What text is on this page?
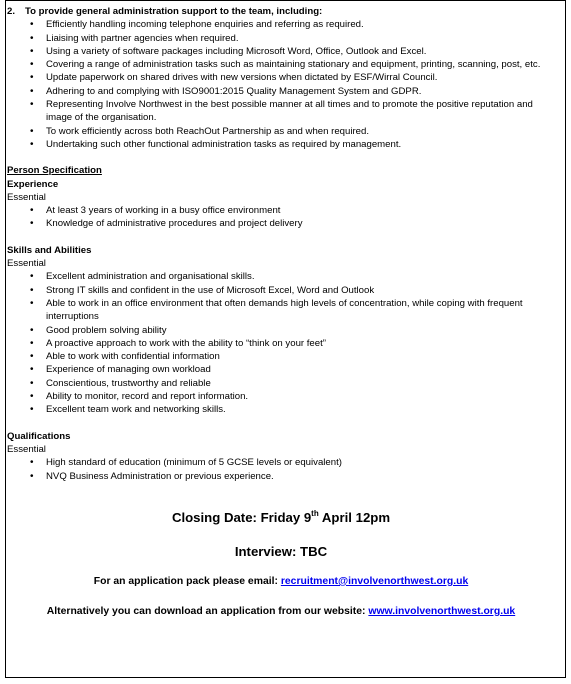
2.	To provide general administration support to the team, including:
• Efficiently handling incoming telephone enquiries and referring as required.
• Liaising with partner agencies when required.
• Using a variety of software packages including Microsoft Word, Office, Outlook and Excel.
• Covering a range of administration tasks such as maintaining stationary and equipment, printing, scanning, post, etc.
• Update paperwork on shared drives with new versions when dictated by ESF/Wirral Council.
• Adhering to and complying with ISO9001:2015 Quality Management System and GDPR.
• Representing Involve Northwest in the best possible manner at all times and to promote the positive reputation and image of the organisation.
• To work efficiently across both ReachOut Partnership as and when required.
• Undertaking such other functional administration tasks as required by management.
Person Specification
Experience
Essential
• At least 3 years of working in a busy office environment
• Knowledge of administrative procedures and project delivery
Skills and Abilities
Essential
• Excellent administration and organisational skills.
• Strong IT skills and confident in the use of Microsoft Excel, Word and Outlook
• Able to work in an office environment that often demands high levels of concentration, while coping with frequent interruptions
• Good problem solving ability
• A proactive approach to work with the ability to “think on your feet”
• Able to work with confidential information
• Experience of managing own workload
• Conscientious, trustworthy and reliable
• Ability to monitor, record and report information.
• Excellent team work and networking skills.
Qualifications
Essential
• High standard of education (minimum of 5 GCSE levels or equivalent)
• NVQ Business Administration or previous experience.
Closing Date: Friday 9th April 12pm
Interview: TBC
For an application pack please email: recruitment@involvenorthwest.org.uk
Alternatively you can download an application from our website: www.involvenorthwest.org.uk
